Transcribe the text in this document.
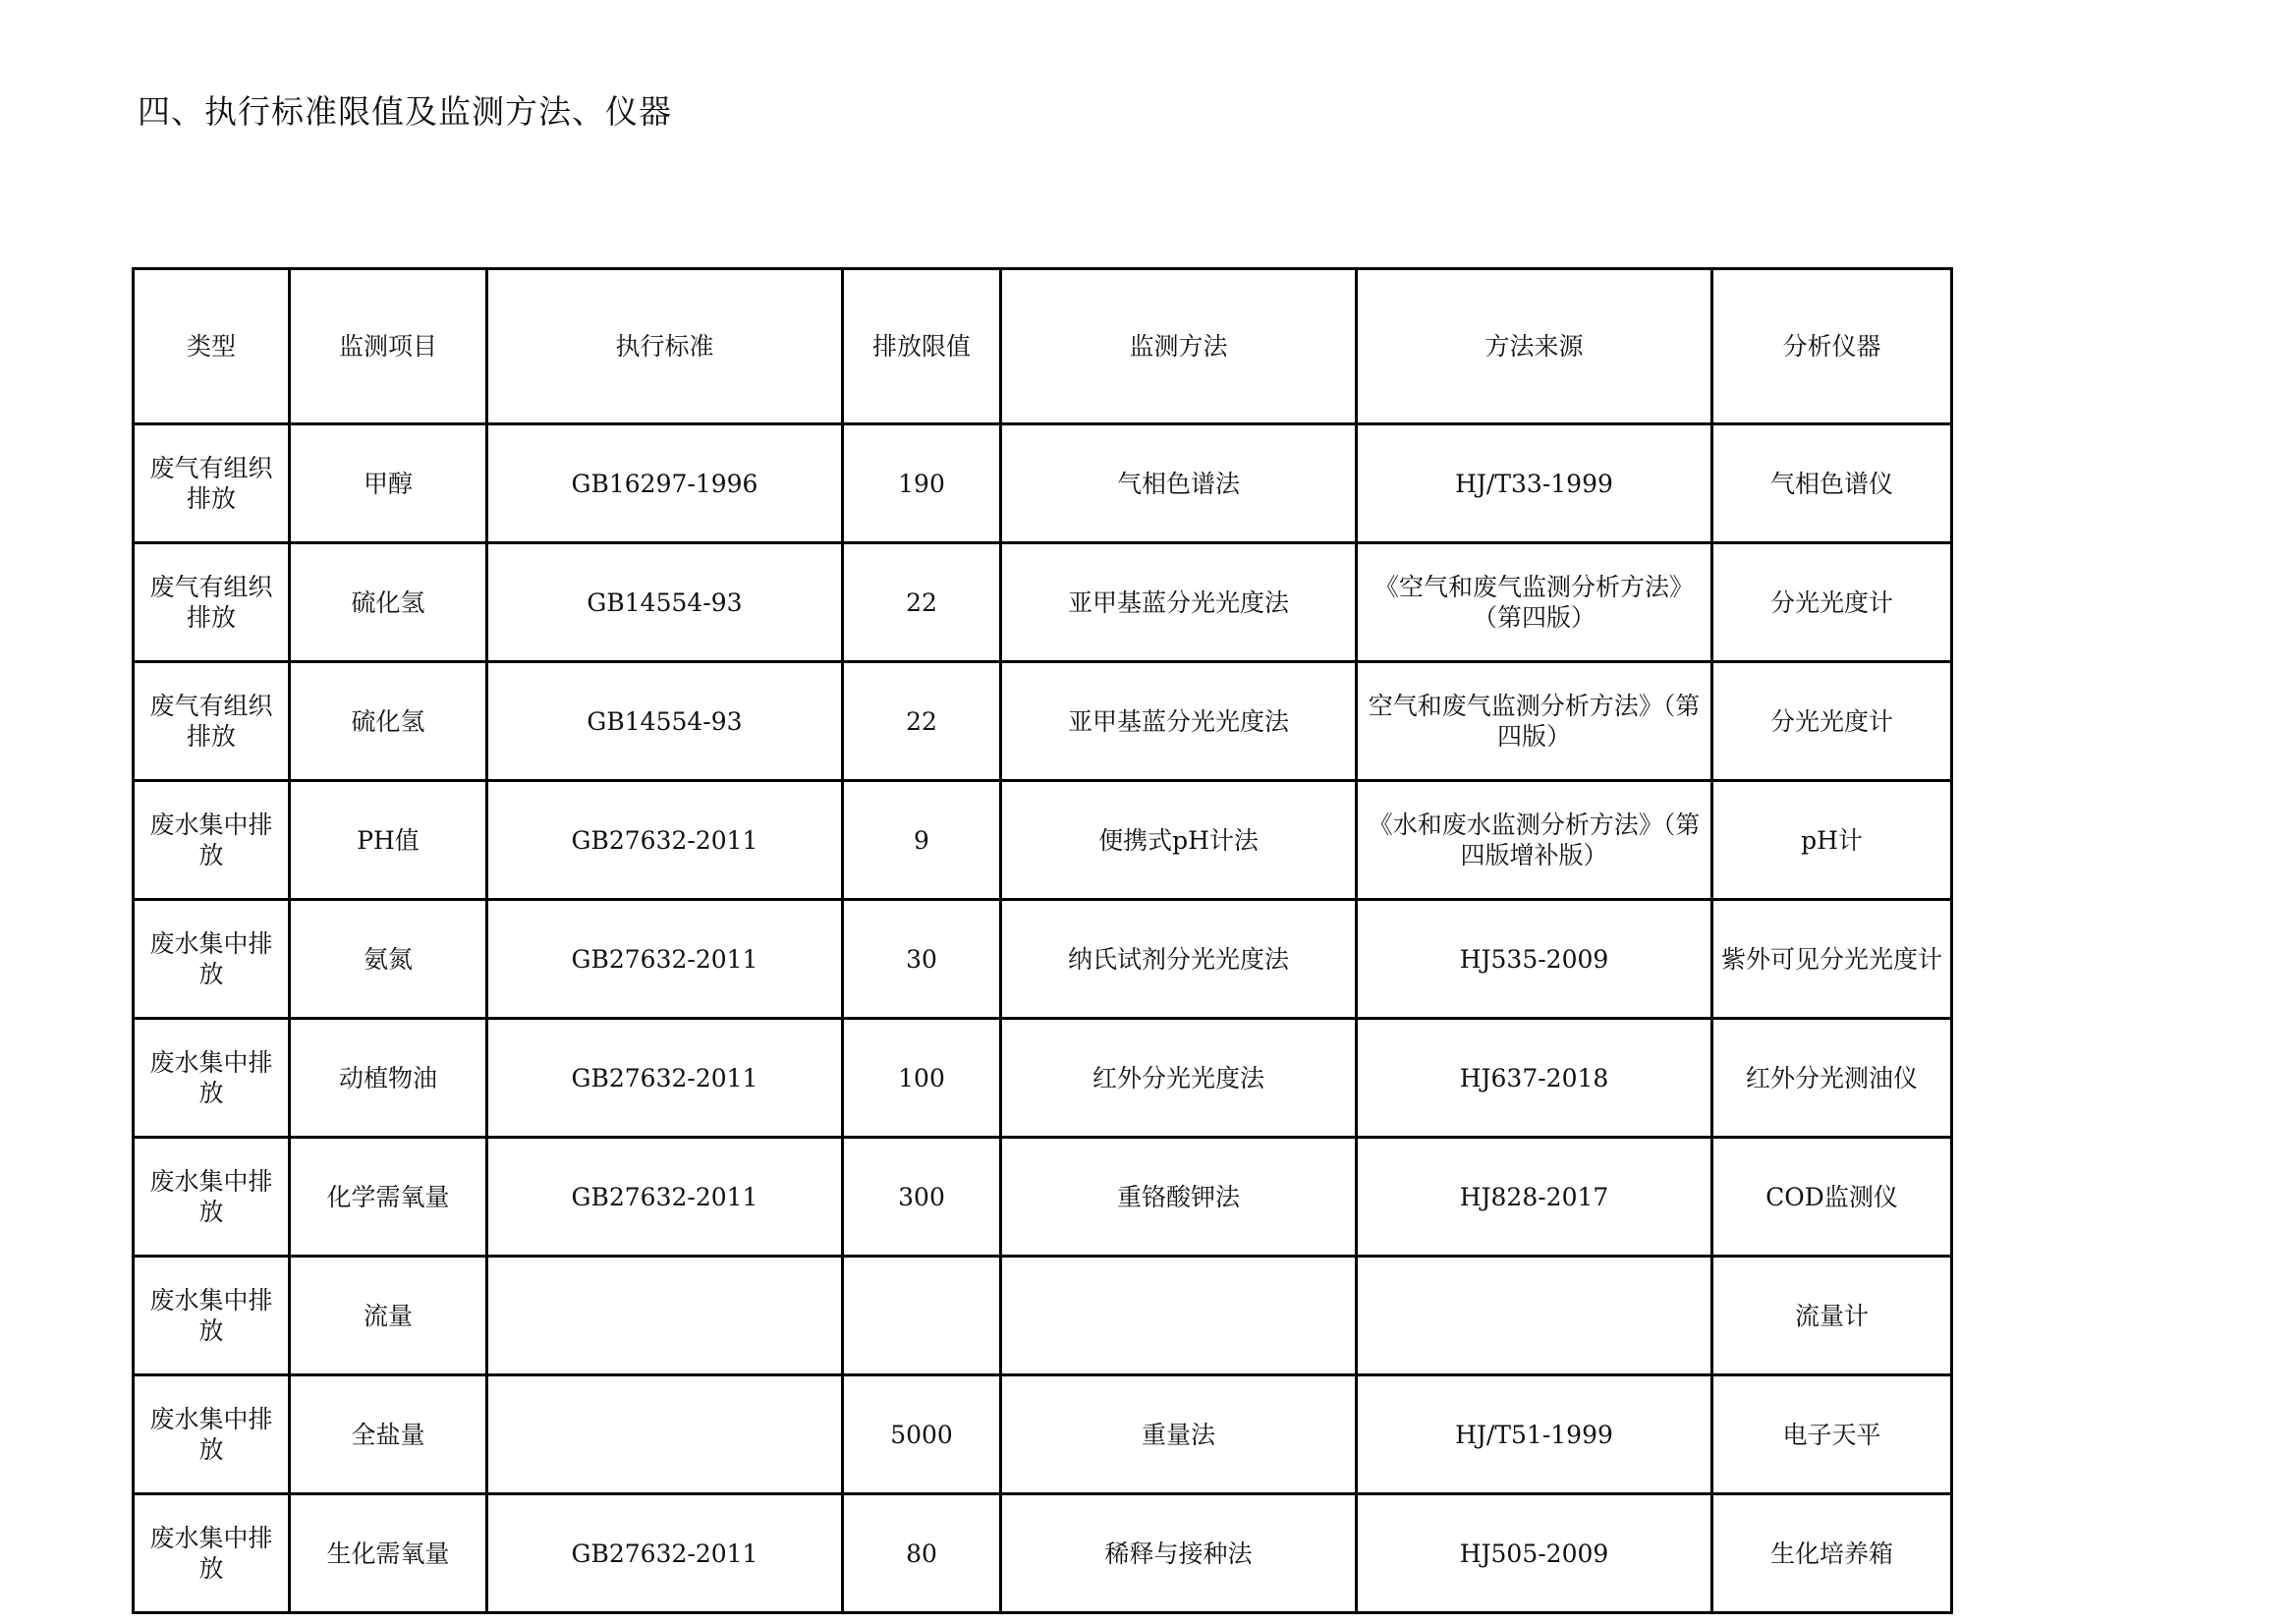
四、执行标准限值及监测方法、仪器
类型	监测项目	执行标准	排放限值	监测方法	方法来源	分析仪器
废气有组织排放	甲醇	GB16297-1996	190	气相色谱法	HJ/T33-1999	气相色谱仪
废气有组织排放	硫化氢	GB14554-93	22	亚甲基蓝分光光度法	《空气和废气监测分析方法》（第四版）	分光光度计
废气有组织排放	硫化氢	GB14554-93	22	亚甲基蓝分光光度法	空气和废气监测分析方法》（第四版）	分光光度计
废水集中排放	PH值	GB27632-2011	9	便携式pH计法	《水和废水监测分析方法》（第四版增补版）	pH计
废水集中排放	氨氮	GB27632-2011	30	纳氏试剂分光光度法	HJ535-2009	紫外可见分光光度计
废水集中排放	动植物油	GB27632-2011	100	红外分光光度法	HJ637-2018	红外分光测油仪
废水集中排放	化学需氧量	GB27632-2011	300	重铬酸钾法	HJ828-2017	COD监测仪
废水集中排放	流量					流量计
废水集中排放	全盐量		5000	重量法	HJ/T51-1999	电子天平
废水集中排放	生化需氧量	GB27632-2011	80	稀释与接种法	HJ505-2009	生化培养箱
